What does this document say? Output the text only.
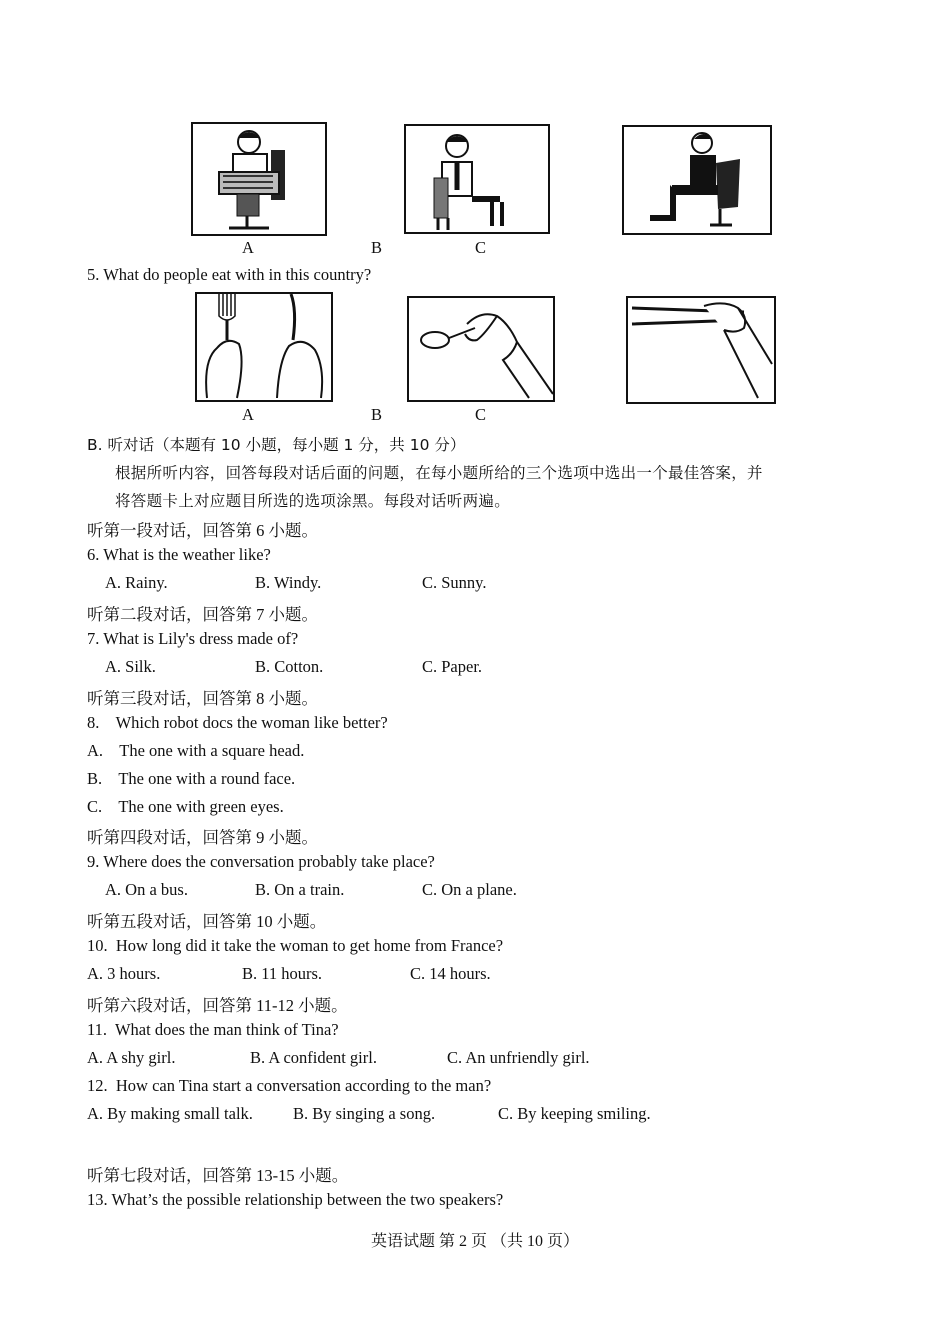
A	B	C
5. What do people eat with in this country?
A	B	C
B. 听对话（本题有 10 小题，每小题 1 分，共 10 分）
根据所听内容，回答每段对话后面的问题，在每小题所给的三个选项中选出一个最佳答案，并
将答题卡上对应题目所选的选项涂黑。每段对话听两遍。
听第一段对话，回答第 6 小题。
6. What is the weather like?
A. Rainy.	B. Windy.	C. Sunny.
听第二段对话，回答第 7 小题。
7. What is Lily's dress made of?
A. Silk.	B. Cotton.	C. Paper.
听第三段对话，回答第 8 小题。
8.    Which robot docs the woman like better?
A.    The one with a square head.
B.    The one with a round face.
C.    The one with green eyes.
听第四段对话，回答第 9 小题。
9. Where does the conversation probably take place?
A. On a bus.	B. On a train.	C. On a plane.
听第五段对话，回答第 10 小题。
10.  How long did it take the woman to get home from France?
A. 3 hours.	B. 11 hours.	C. 14 hours.
听第六段对话，回答第 11-12 小题。
11.  What does the man think of Tina?
A. A shy girl.	B. A confident girl.	C. An unfriendly girl.
12.  How can Tina start a conversation according to the man?
A. By making small talk. B. By singing a song.	C. By keeping smiling.
听第七段对话，回答第 13-15 小题。
13. What’s the possible relationship between the two speakers?
英语试题 第 2 页 （共 10 页）
